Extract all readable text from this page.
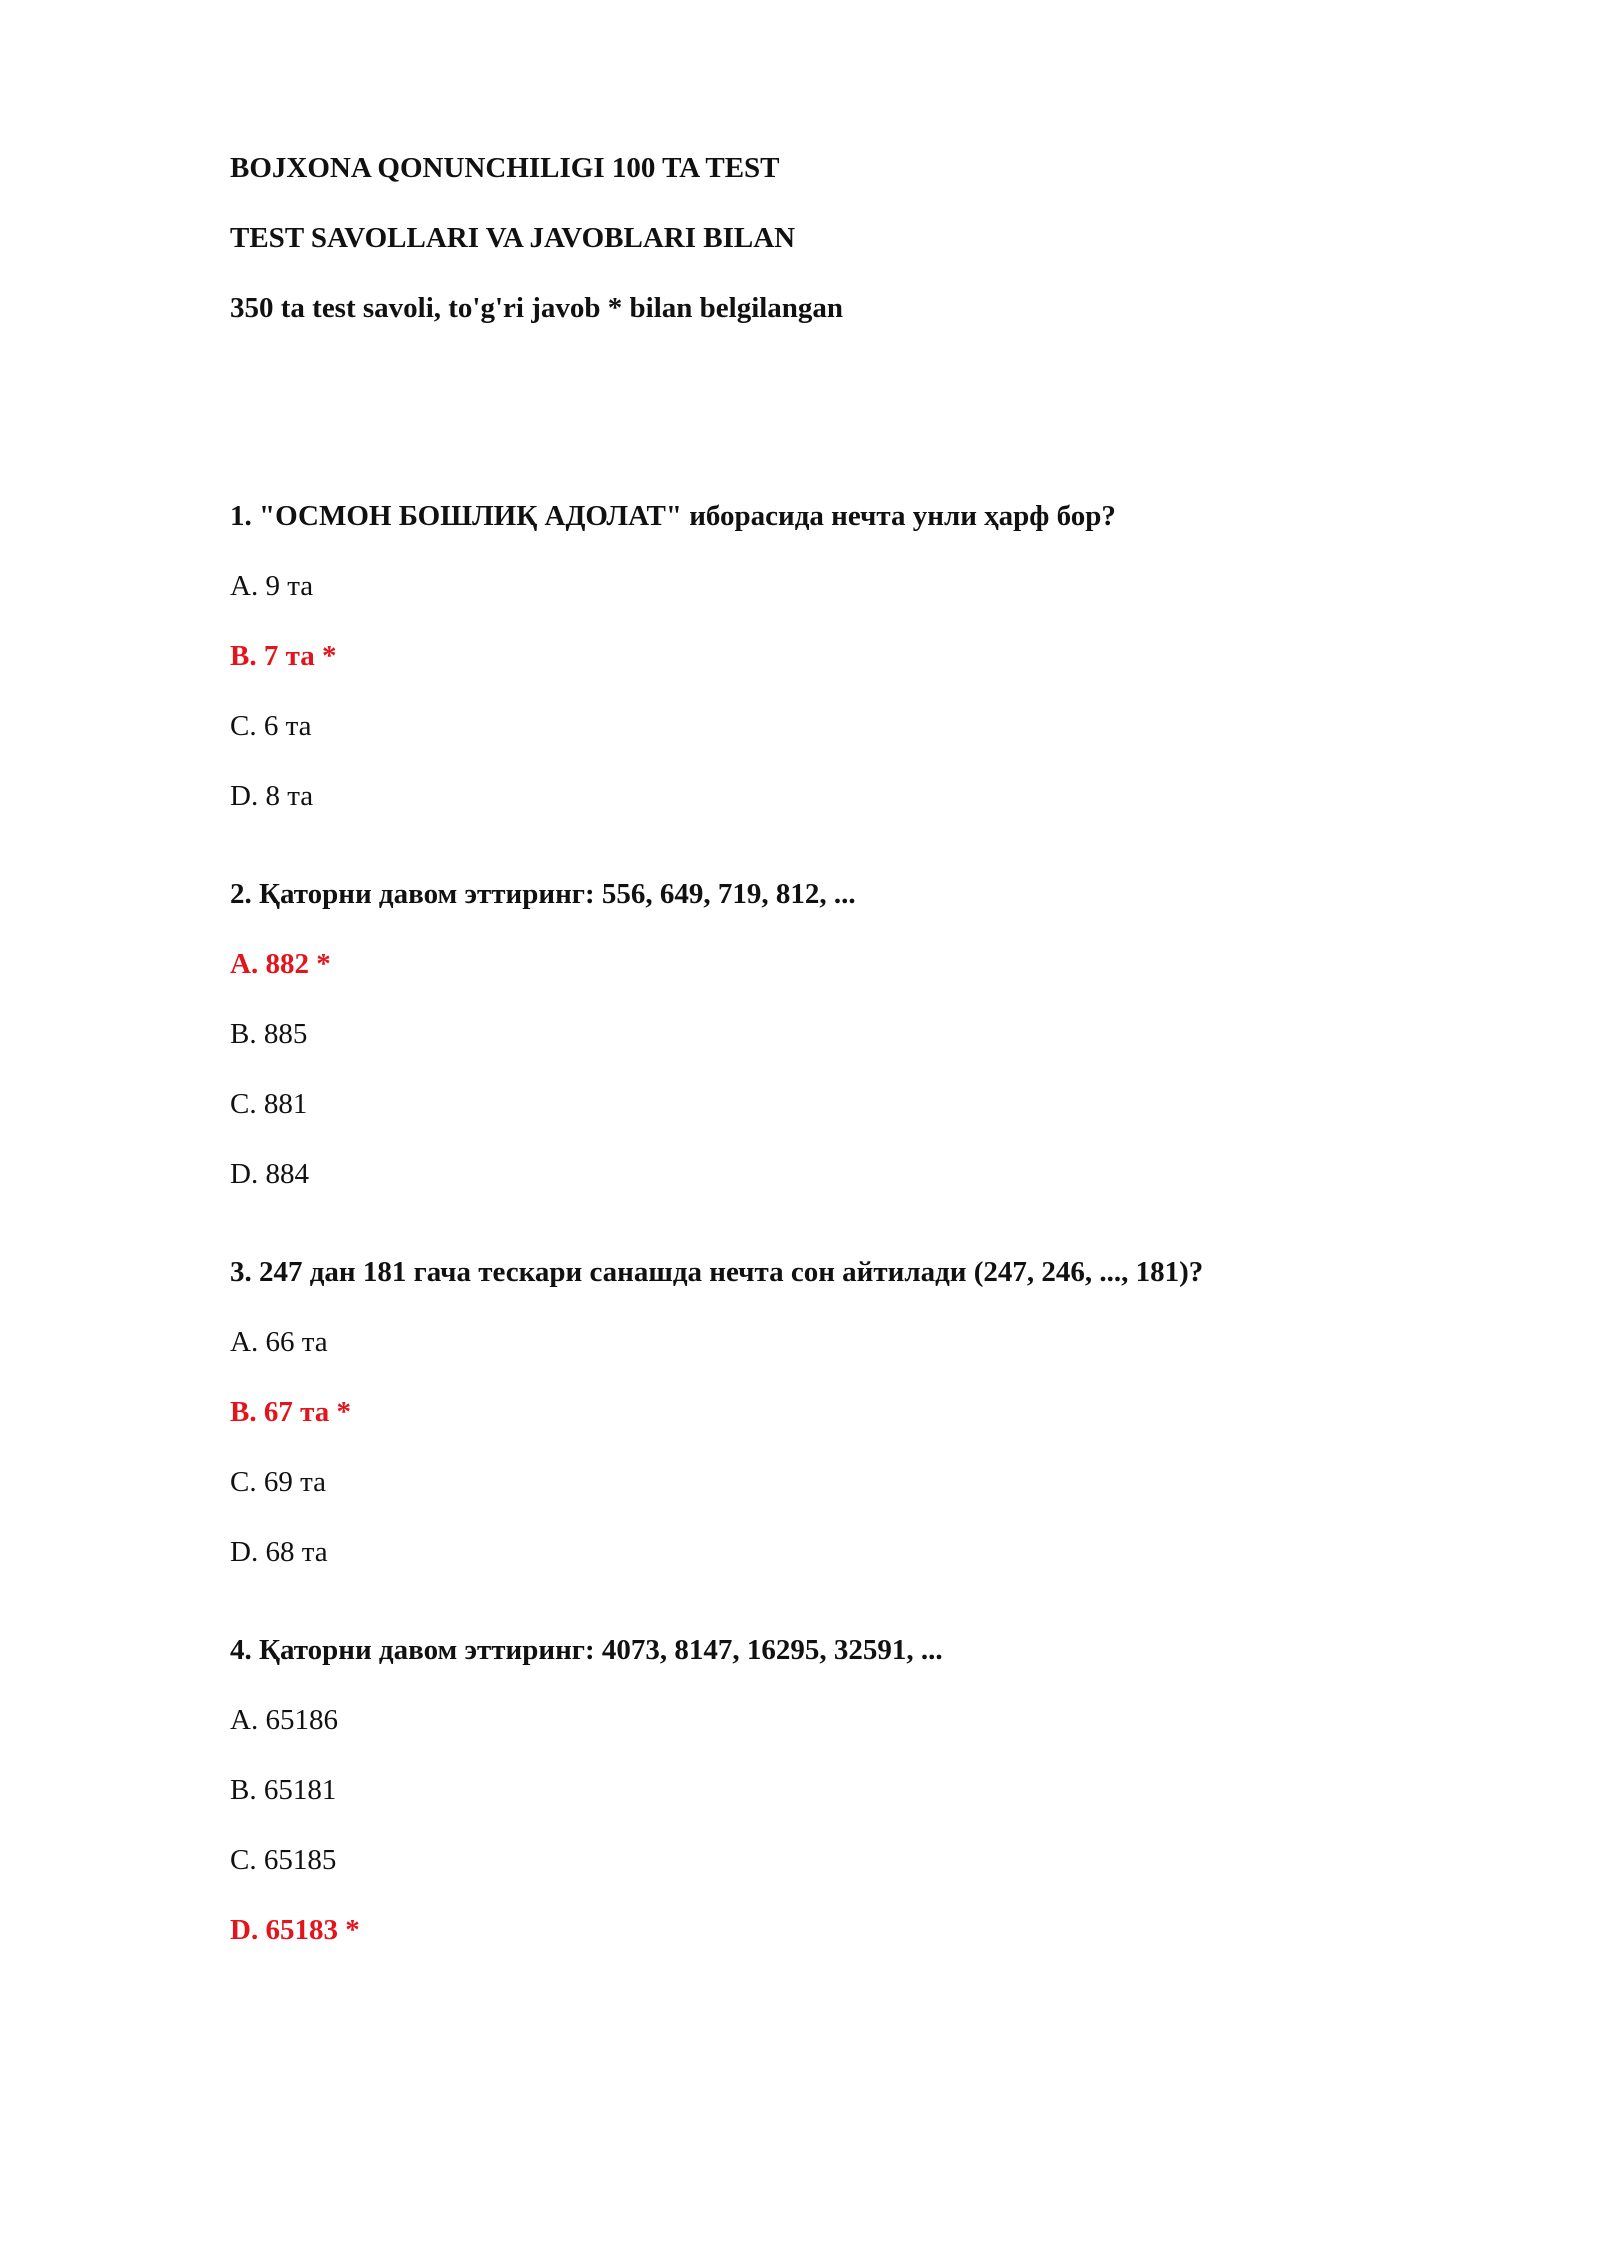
BOJXONA QONUNCHILIGI 100 TA TEST
TEST SAVOLLARI VA JAVOBLARI BILAN
350 ta test savoli, to'g'ri javob * bilan belgilangan
1. "ОСМОН БОШЛИҚ АДОЛАТ" иборасида нечта унли ҳарф бор?
A. 9 та
B. 7 та *
C. 6 та
D. 8 та
2. Қаторни давом эттиринг: 556, 649, 719, 812, ...
A. 882 *
B. 885
C. 881
D. 884
3. 247 дан 181 гача тескари санашда нечта сон айтилади (247, 246, ..., 181)?
A. 66 та
B. 67 та *
C. 69 та
D. 68 та
4. Қаторни давом эттиринг: 4073, 8147, 16295, 32591, ...
A. 65186
B. 65181
C. 65185
D. 65183 *
